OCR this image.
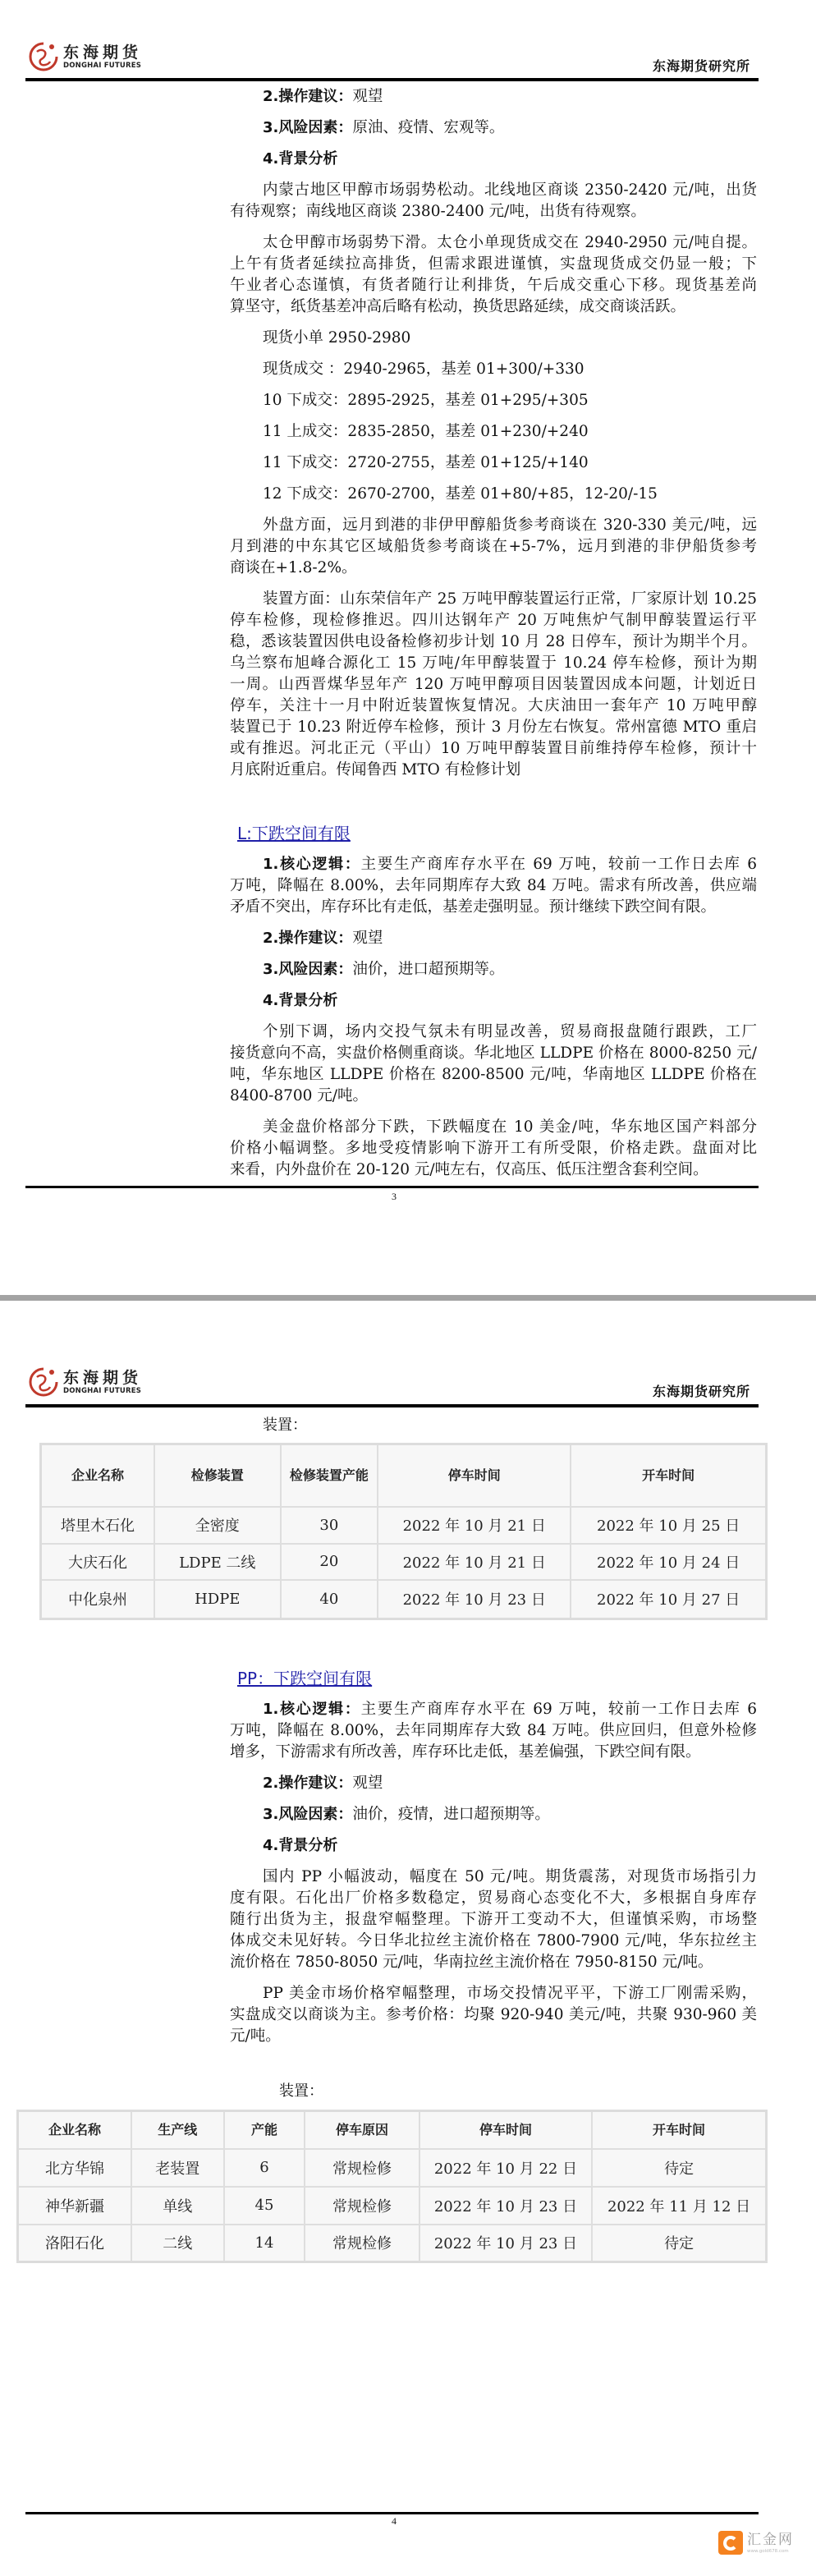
东海期货
DONGHAI FUTURES	东海期货研究所
2.操作建议：观望
3.风险因素：原油、疫情、宏观等。
4.背景分析
内蒙古地区甲醇市场弱势松动。北线地区商谈 2350-2420 元/吨，出货
有待观察；南线地区商谈 2380-2400 元/吨，出货有待观察。
太仓甲醇市场弱势下滑。太仓小单现货成交在 2940-2950 元/吨自提。
上午有货者延续拉高排货，但需求跟进谨慎，实盘现货成交仍显一般；下
午业者心态谨慎，有货者随行让利排货，午后成交重心下移。现货基差尚
算坚守，纸货基差冲高后略有松动，换货思路延续，成交商谈活跃。
现货小单 2950-2980
现货成交 ：2940-2965，基差 01+300/+330
10 下成交：2895-2925，基差 01+295/+305
11 上成交：2835-2850，基差 01+230/+240
11 下成交：2720-2755，基差 01+125/+140
12 下成交：2670-2700，基差 01+80/+85，12-20/-15
外盘方面，远月到港的非伊甲醇船货参考商谈在 320-330 美元/吨，远
月到港的中东其它区域船货参考商谈在+5-7%，远月到港的非伊船货参考
商谈在+1.8-2%。
装置方面：山东荣信年产 25 万吨甲醇装置运行正常，厂家原计划 10.25
停车检修，现检修推迟。四川达钢年产 20 万吨焦炉气制甲醇装置运行平
稳，悉该装置因供电设备检修初步计划 10 月 28 日停车，预计为期半个月。
乌兰察布旭峰合源化工 15 万吨/年甲醇装置于 10.24 停车检修，预计为期
一周。山西晋煤华昱年产 120 万吨甲醇项目因装置因成本问题，计划近日
停车，关注十一月中附近装置恢复情况。大庆油田一套年产 10 万吨甲醇
装置已于 10.23 附近停车检修，预计 3 月份左右恢复。常州富德 MTO 重启
或有推迟。河北正元（平山）10 万吨甲醇装置目前维持停车检修，预计十
月底附近重启。传闻鲁西 MTO 有检修计划
L:下跌空间有限
1.核心逻辑：主要生产商库存水平在 69 万吨，较前一工作日去库 6
万吨，降幅在 8.00%，去年同期库存大致 84 万吨。需求有所改善，供应端
矛盾不突出，库存环比有走低，基差走强明显。预计继续下跌空间有限。
2.操作建议：观望
3.风险因素：油价，进口超预期等。
4.背景分析
个别下调，场内交投气氛未有明显改善，贸易商报盘随行跟跌，工厂
接货意向不高，实盘价格侧重商谈。华北地区 LLDPE 价格在 8000-8250 元/
吨，华东地区 LLDPE 价格在 8200-8500 元/吨，华南地区 LLDPE 价格在
8400-8700 元/吨。
美金盘价格部分下跌，下跌幅度在 10 美金/吨，华东地区国产料部分
价格小幅调整。多地受疫情影响下游开工有所受限，价格走跌。盘面对比
来看，内外盘价在 20-120 元/吨左右，仅高压、低压注塑含套利空间。
3
东海期货
DONGHAI FUTURES	东海期货研究所
装置：
企业名称	检修装置	检修装置产能	停车时间	开车时间
塔里木石化	全密度	30	2022 年 10 月 21 日	2022 年 10 月 25 日
大庆石化	LDPE 二线	20	2022 年 10 月 21 日	2022 年 10 月 24 日
中化泉州	HDPE	40	2022 年 10 月 23 日	2022 年 10 月 27 日
PP：下跌空间有限
1.核心逻辑：主要生产商库存水平在 69 万吨，较前一工作日去库 6
万吨，降幅在 8.00%，去年同期库存大致 84 万吨。供应回归，但意外检修
增多，下游需求有所改善，库存环比走低，基差偏强，下跌空间有限。
2.操作建议：观望
3.风险因素：油价，疫情，进口超预期等。
4.背景分析
国内 PP 小幅波动，幅度在 50 元/吨。期货震荡，对现货市场指引力
度有限。石化出厂价格多数稳定，贸易商心态变化不大，多根据自身库存
随行出货为主，报盘窄幅整理。下游开工变动不大，但谨慎采购，市场整
体成交未见好转。今日华北拉丝主流价格在 7800-7900 元/吨，华东拉丝主
流价格在 7850-8050 元/吨，华南拉丝主流价格在 7950-8150 元/吨。
PP 美金市场价格窄幅整理，市场交投情况平平，下游工厂刚需采购，
实盘成交以商谈为主。参考价格：均聚 920-940 美元/吨，共聚 930-960 美
元/吨。
装置：
企业名称	生产线	产能	停车原因	停车时间	开车时间
北方华锦	老装置	6	常规检修	2022 年 10 月 22 日	待定
神华新疆	单线	45	常规检修	2022 年 10 月 23 日	2022 年 11 月 12 日
洛阳石化	二线	14	常规检修	2022 年 10 月 23 日	待定
4
汇金网
www.gold678.com
